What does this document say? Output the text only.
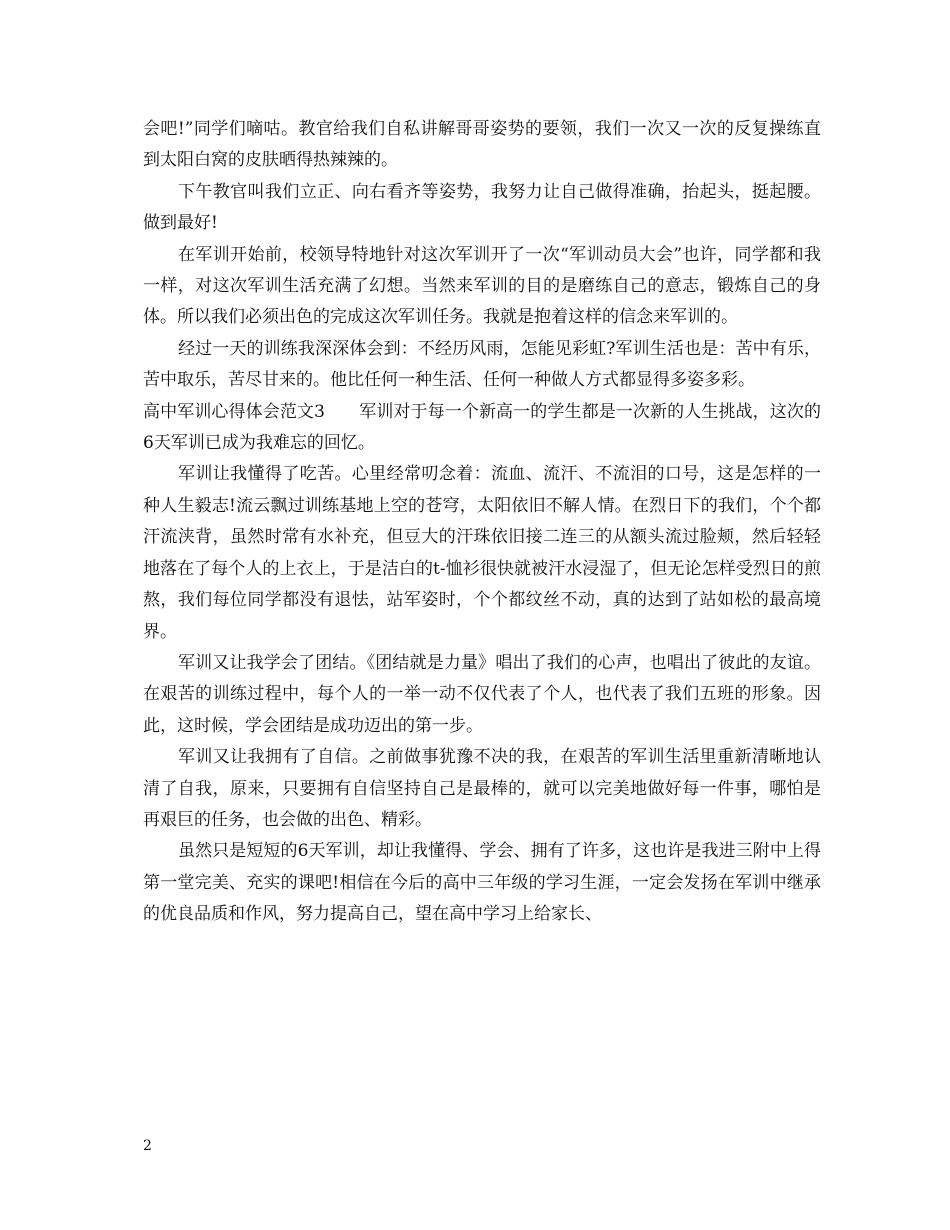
会吧!”同学们嘀咕。教官给我们自私讲解哥哥姿势的要领，我们一次又一次的反复操练直到太阳白窝的皮肤晒得热辣辣的。

下午教官叫我们立正、向右看齐等姿势，我努力让自己做得准确，抬起头，挺起腰。做到最好!

在军训开始前，校领导特地针对这次军训开了一次“军训动员大会”也许，同学都和我一样，对这次军训生活充满了幻想。当然来军训的目的是磨练自己的意志，锻炼自己的身体。所以我们必须出色的完成这次军训任务。我就是抱着这样的信念来军训的。

经过一天的训练我深深体会到：不经历风雨，怎能见彩虹?军训生活也是：苦中有乐，苦中取乐，苦尽甘来的。他比任何一种生活、任何一种做人方式都显得多姿多彩。

高中军训心得体会范文3　　军训对于每一个新高一的学生都是一次新的人生挑战，这次的6天军训已成为我难忘的回忆。

军训让我懂得了吃苦。心里经常叨念着：流血、流汗、不流泪的口号，这是怎样的一种人生毅志!流云飘过训练基地上空的苍穹，太阳依旧不解人情。在烈日下的我们，个个都汗流浃背，虽然时常有水补充，但豆大的汗珠依旧接二连三的从额头流过脸颊，然后轻轻地落在了每个人的上衣上，于是洁白的t-恤衫很快就被汗水浸湿了，但无论怎样受烈日的煎熬，我们每位同学都没有退怯，站军姿时，个个都纹丝不动，真的达到了站如松的最高境界。

军训又让我学会了团结。《团结就是力量》唱出了我们的心声，也唱出了彼此的友谊。在艰苦的训练过程中，每个人的一举一动不仅代表了个人，也代表了我们五班的形象。因此，这时候，学会团结是成功迈出的第一步。

军训又让我拥有了自信。之前做事犹豫不决的我，在艰苦的军训生活里重新清晰地认清了自我，原来，只要拥有自信坚持自己是最棒的，就可以完美地做好每一件事，哪怕是再艰巨的任务，也会做的出色、精彩。

虽然只是短短的6天军训，却让我懂得、学会、拥有了许多，这也许是我进三附中上得第一堂完美、充实的课吧!相信在今后的高中三年级的学习生涯，一定会发扬在军训中继承的优良品质和作风，努力提高自己，望在高中学习上给家长、

2
